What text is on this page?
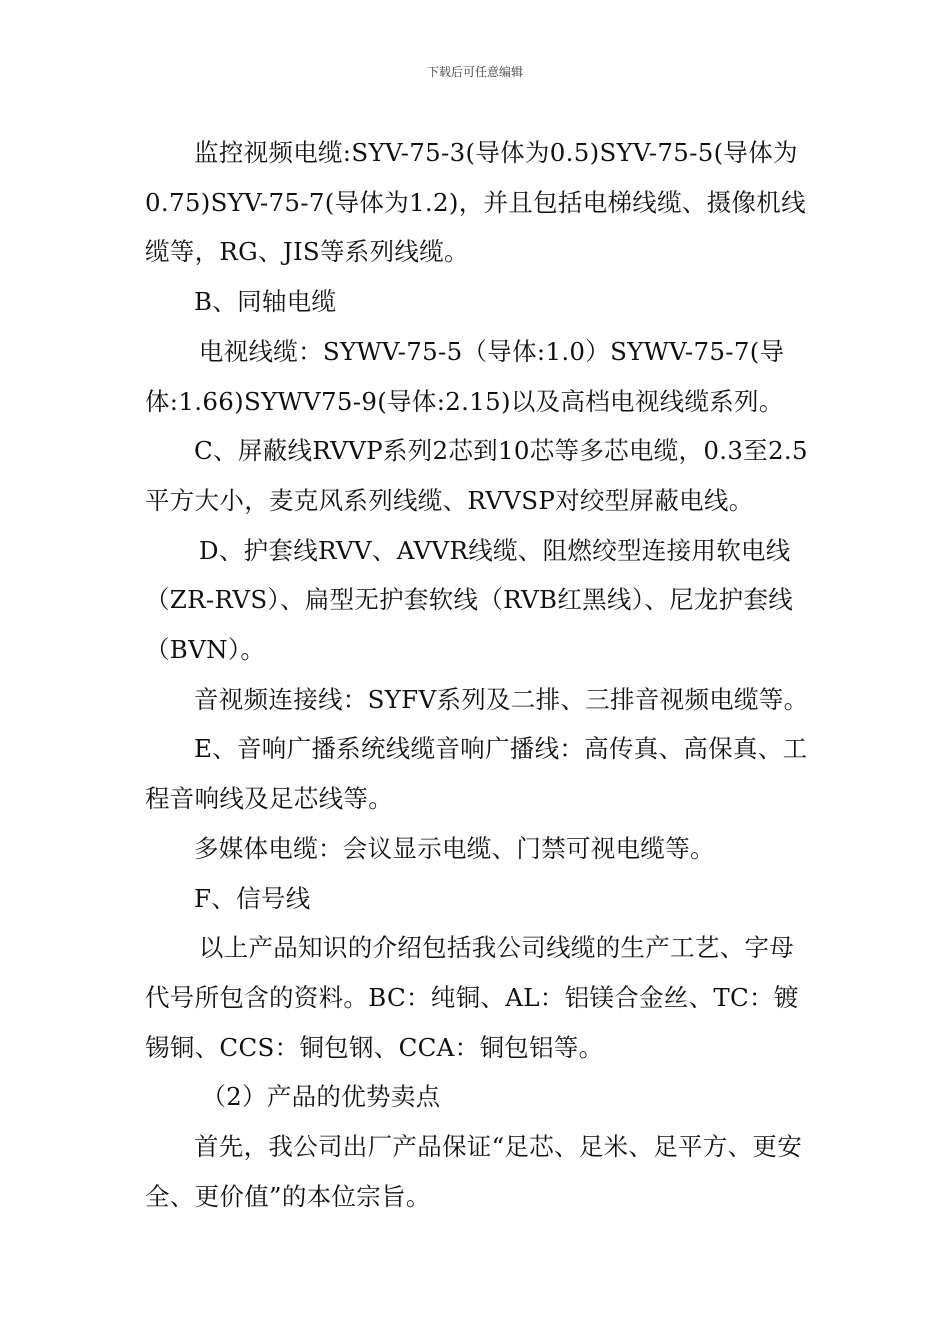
下载后可任意编辑

监控视频电缆:SYV-75-3(导体为0.5)SYV-75-5(导体为0.75)SYV-75-7(导体为1.2)，并且包括电梯线缆、摄像机线缆等，RG、JIS等系列线缆。

B、同轴电缆

电视线缆：SYWV-75-5（导体:1.0）SYWV-75-7(导体:1.66)SYWV75-9(导体:2.15)以及高档电视线缆系列。

C、屏蔽线RVVP系列2芯到10芯等多芯电缆，0.3至2.5平方大小，麦克风系列线缆、RVVSP对绞型屏蔽电线。

D、护套线RVV、AVVR线缆、阻燃绞型连接用软电线（ZR-RVS）、扁型无护套软线（RVB红黑线）、尼龙护套线（BVN）。

音视频连接线：SYFV系列及二排、三排音视频电缆等。

E、音响广播系统线缆音响广播线：高传真、高保真、工程音响线及足芯线等。

多媒体电缆：会议显示电缆、门禁可视电缆等。

F、信号线

以上产品知识的介绍包括我公司线缆的生产工艺、字母代号所包含的资料。BC：纯铜、AL：铝镁合金丝、TC：镀锡铜、CCS：铜包钢、CCA：铜包铝等。

（2）产品的优势卖点

首先，我公司出厂产品保证“足芯、足米、足平方、更安全、更价值”的本位宗旨。
